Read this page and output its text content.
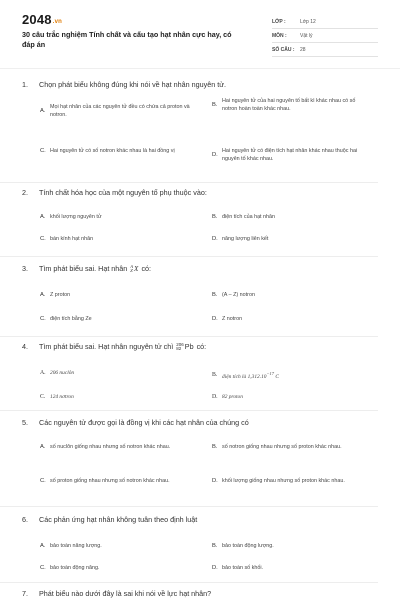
2048.vn
30 câu trắc nghiệm Tính chất và cấu tạo hạt nhân cực hay, có đáp án
LỚP :	Lớp 12
MÔN :	Vật lý
SỐ CÂU :	28
1.	Chọn phát biểu không đúng khi nói về hạt nhân nguyên tử.
A.
Mọi hạt nhân của các nguyên tử đều có chứa cả proton và notron.
B.
Hai nguyên tử của hai nguyên tố bất kì khác nhau có số notron hoàn toàn khác nhau.
C. Hai nguyên tử có số notron khác nhau là hai đồng vị
D.
Hai nguyên tử có điện tích hạt nhân khác nhau thuộc hai nguyên tố khác nhau.
2.	Tính chất hóa học của một nguyên tố phụ thuộc vào:
A. khối lượng nguyên tử	B. điện tích của hạt nhân
C. bán kính hạt nhân	D. năng lượng liên kết
3.	Tìm phát biểu sai. Hạt nhân A
Z X có:
A. Z proton	B. (A – Z) notron
C. điện tích bằng Ze	D. Z notron
4.	Tìm phát biểu sai. Hạt nhân nguyên tử chì 206
82 Pb có:
A. 206 nuclôn	B. điện tích là $1,312.10^{-17}$ C
C. 124 nơtron	D. 82 proton
5.	Các nguyên tử được gọi là đồng vị khi các hạt nhân của chúng có
A. số nuclôn giống nhau nhưng số notron khác nhau.	B. số notron giống nhau nhưng số proton khác nhau.
C. số proton giống nhau nhưng số notron khác nhau.	D. khối lượng giống nhau nhưng số proton khác nhau.
6.	Các phản ứng hạt nhân không tuân theo định luật
A. bảo toàn năng lượng.	B. bảo toàn động lượng.
C. bảo toàn động năng.	D. bảo toàn số khối.
7.	Phát biểu nào dưới đây là sai khi nói về lực hạt nhân?
